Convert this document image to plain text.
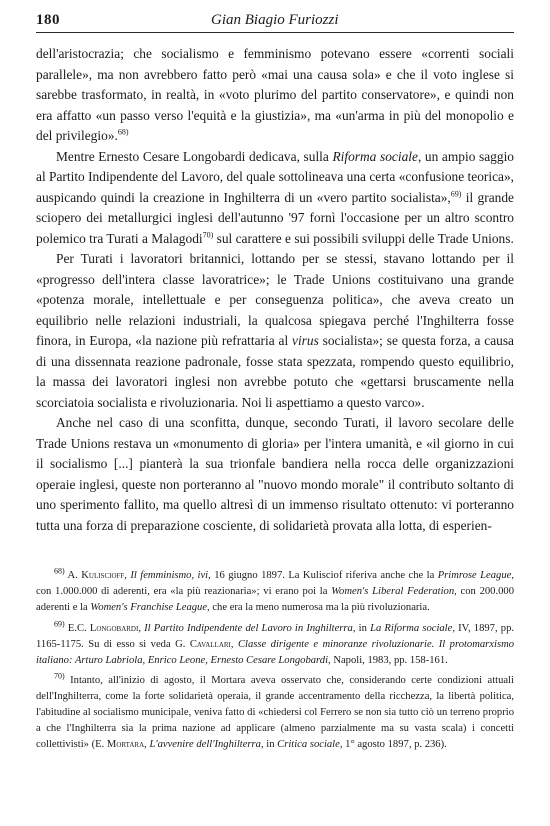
180	Gian Biagio Furiozzi

dell'aristocrazia; che socialismo e femminismo potevano essere «correnti sociali parallele», ma non avrebbero fatto però «mai una causa sola» e che il voto inglese si sarebbe trasformato, in realtà, in «voto plurimo del partito conservatore», e quindi non era affatto «un passo verso l'equità e la giustizia», ma «un'arma in più del monopolio e del privilegio».$^{68)}$

Mentre Ernesto Cesare Longobardi dedicava, sulla Riforma sociale, un ampio saggio al Partito Indipendente del Lavoro, del quale sottolineava una certa «confusione teorica», auspicando quindi la creazione in Inghilterra di un «vero partito socialista»,$^{69)}$ il grande sciopero dei metallurgici inglesi dell'autunno '97 fornì l'occasione per un altro scontro polemico tra Turati a Malagodi$^{70)}$ sul carattere e sui possibili sviluppi delle Trade Unions.

Per Turati i lavoratori britannici, lottando per se stessi, stavano lottando per il «progresso dell'intera classe lavoratrice»; le Trade Unions costituivano una grande «potenza morale, intellettuale e per conseguenza politica», che aveva creato un equilibrio nelle relazioni industriali, la qualcosa spiegava perché l'Inghilterra fosse finora, in Europa, «la nazione più refrattaria al virus socialista»; se questa forza, a causa di una dissennata reazione padronale, fosse stata spezzata, rompendo questo equilibrio, la massa dei lavoratori inglesi non avrebbe potuto che «gettarsi bruscamente nella scorciatoia socialista e rivoluzionaria. Noi li aspettiamo a questo varco».

Anche nel caso di una sconfitta, dunque, secondo Turati, il lavoro secolare delle Trade Unions restava un «monumento di gloria» per l'intera umanità, e «il giorno in cui il socialismo [...] pianterà la sua trionfale bandiera nella rocca delle organizzazioni operaie inglesi, queste non porteranno al "nuovo mondo morale" il contributo soltanto di uno sperimento fallito, ma quello altresì di un immenso risultato ottenuto: vi porteranno tutta una forza di preparazione cosciente, di solidarietà provata alla lotta, di esperien-

$^{68)}$ A. Kuliscioff, Il femminismo, ivi, 16 giugno 1897. La Kulisciof riferiva anche che la Primrose League, con 1.000.000 di aderenti, era «la più reazionaria»; vi erano poi la Women's Liberal Federation, con 200.000 aderenti e la Women's Franchise League, che era la meno numerosa ma la più rivoluzionaria.

$^{69)}$ E.C. Longobardi, Il Partito Indipendente del Lavoro in Inghilterra, in La Riforma sociale, IV, 1897, pp. 1165-1175. Su di esso si veda G. Cavallari, Classe dirigente e minoranze rivoluzionarie. Il protomarxismo italiano: Arturo Labriola, Enrico Leone, Ernesto Cesare Longobardi, Napoli, 1983, pp. 158-161.

$^{70)}$ Intanto, all'inizio di agosto, il Mortara aveva osservato che, considerando certe condizioni attuali dell'Inghilterra, come la forte solidarietà operaia, il grande accentramento della ricchezza, la libertà politica, l'abitudine al socialismo municipale, veniva fatto di «chiedersi col Ferrero se non sia tutto ciò un terreno proprio a che l'Inghilterra sia la prima nazione ad applicare (almeno parzialmente ma su vasta scala) i concetti collettivisti» (E. Mortara, L'avvenire dell'Inghilterra, in Critica sociale, 1° agosto 1897, p. 236).
